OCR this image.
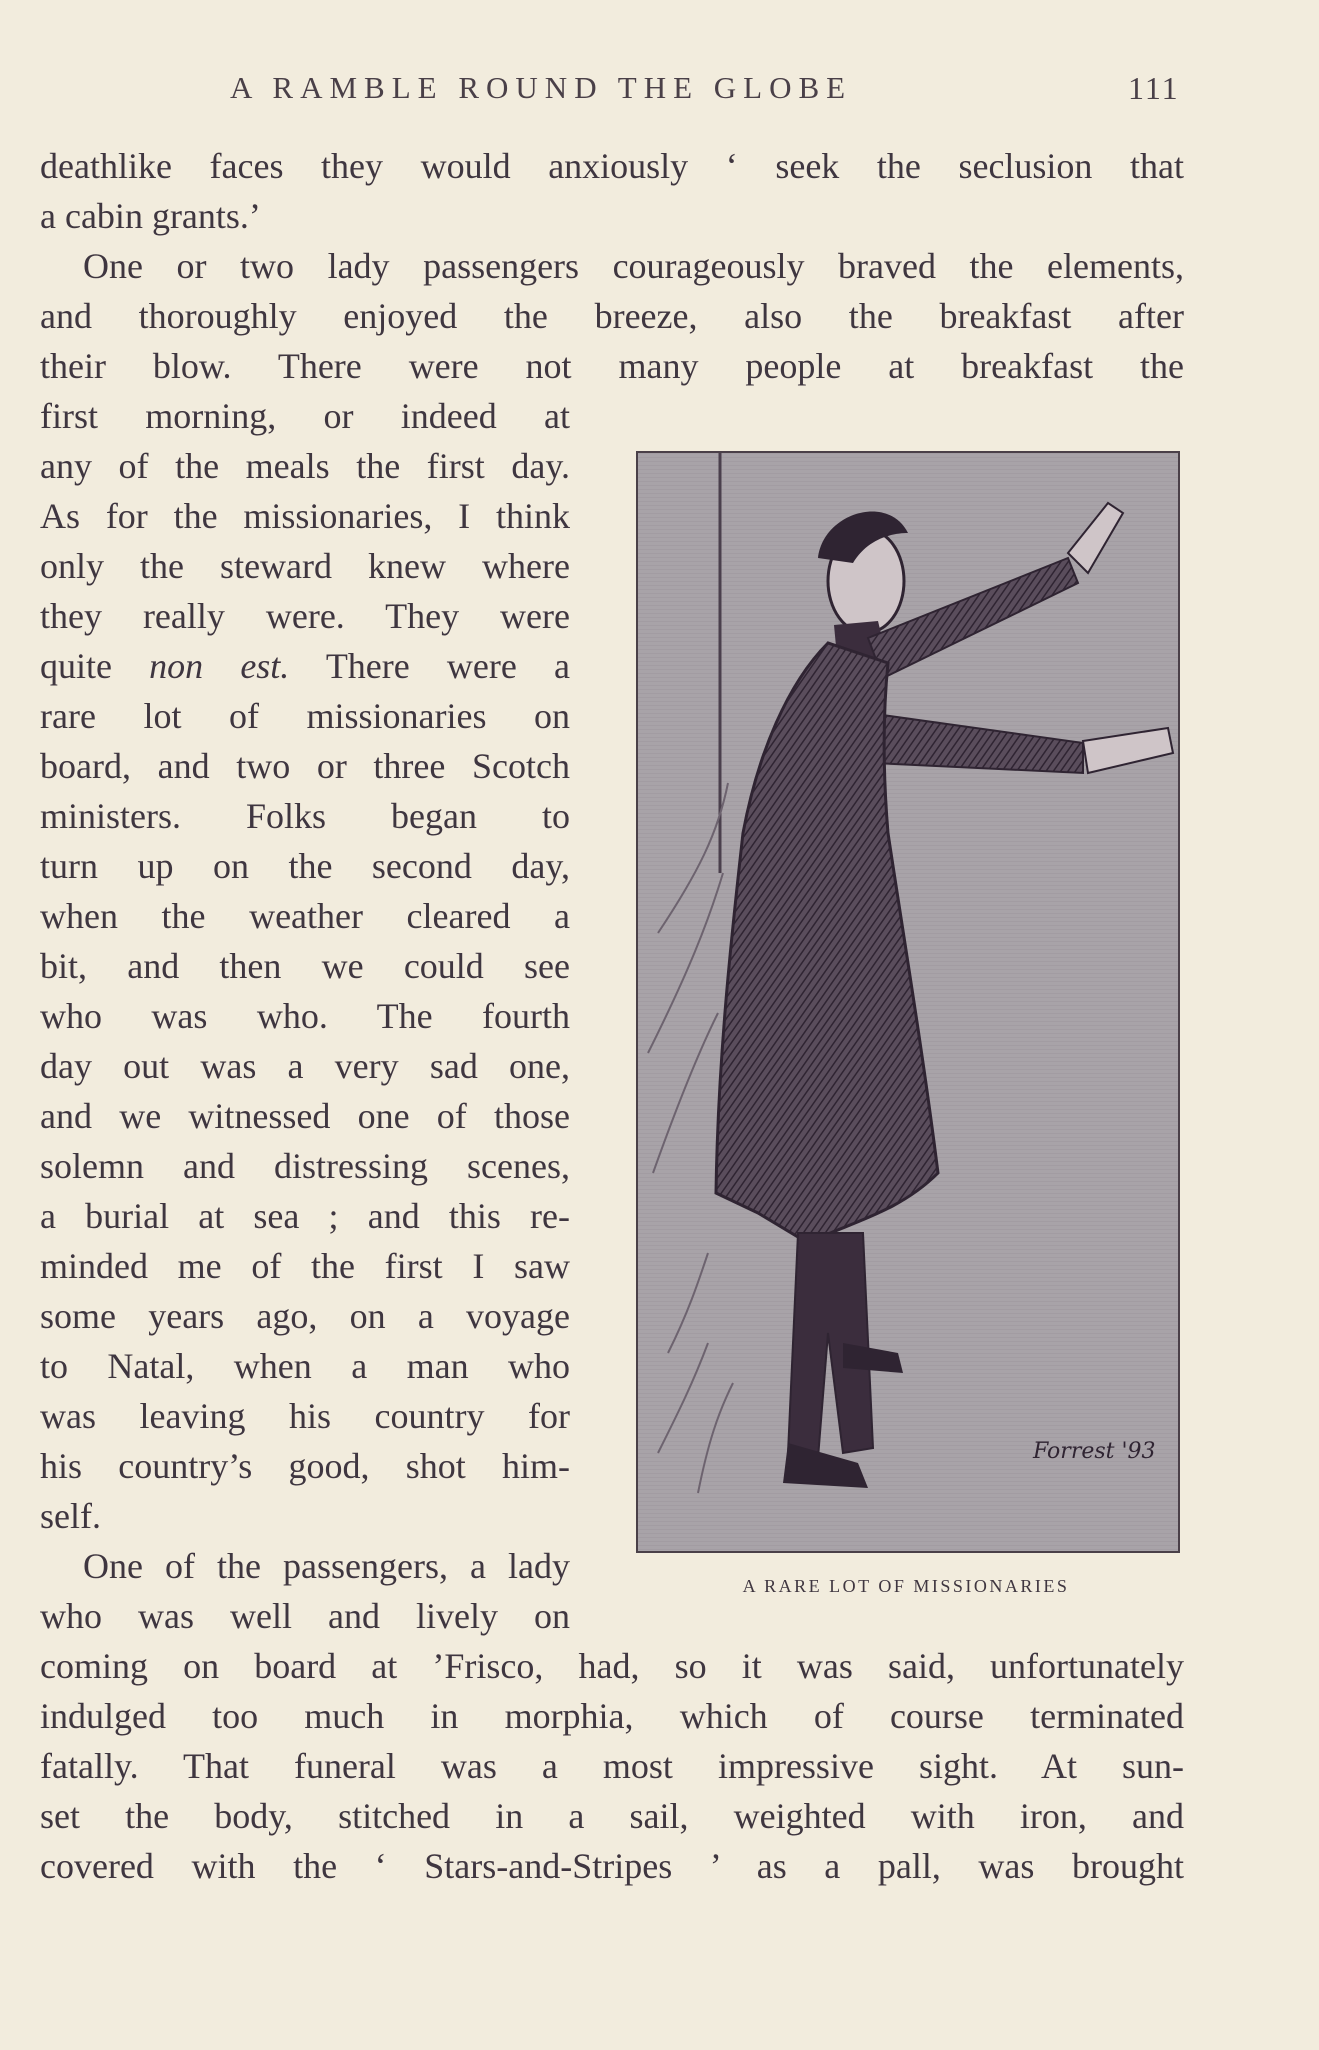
A RAMBLE ROUND THE GLOBE	111
deathlike faces they would anxiously ‘ seek the seclusion that
a cabin grants.’
One or two lady passengers courageously braved the elements,
and thoroughly enjoyed the breeze, also the breakfast after
their blow. There were not many people at breakfast the
first morning, or indeed at
any of the meals the first day.
As for the missionaries, I think
only the steward knew where
they really were. They were
quite non est. There were a
rare lot of missionaries on
board, and two or three Scotch
ministers. Folks began to
turn up on the second day,
when the weather cleared a
bit, and then we could see
who was who. The fourth
day out was a very sad one,
and we witnessed one of those
solemn and distressing scenes,
a burial at sea ; and this re-
minded me of the first I saw
some years ago, on a voyage
to Natal, when a man who
was leaving his country for
his country’s good, shot him-
self.
One of the passengers, a lady
who was well and lively on
coming on board at ’Frisco, had, so it was said, unfortunately
indulged too much in morphia, which of course terminated
fatally. That funeral was a most impressive sight. At sun-
set the body, stitched in a sail, weighted with iron, and
covered with the ‘ Stars-and-Stripes ’ as a pall, was brought
Forrest '93
A RARE LOT OF MISSIONARIES
